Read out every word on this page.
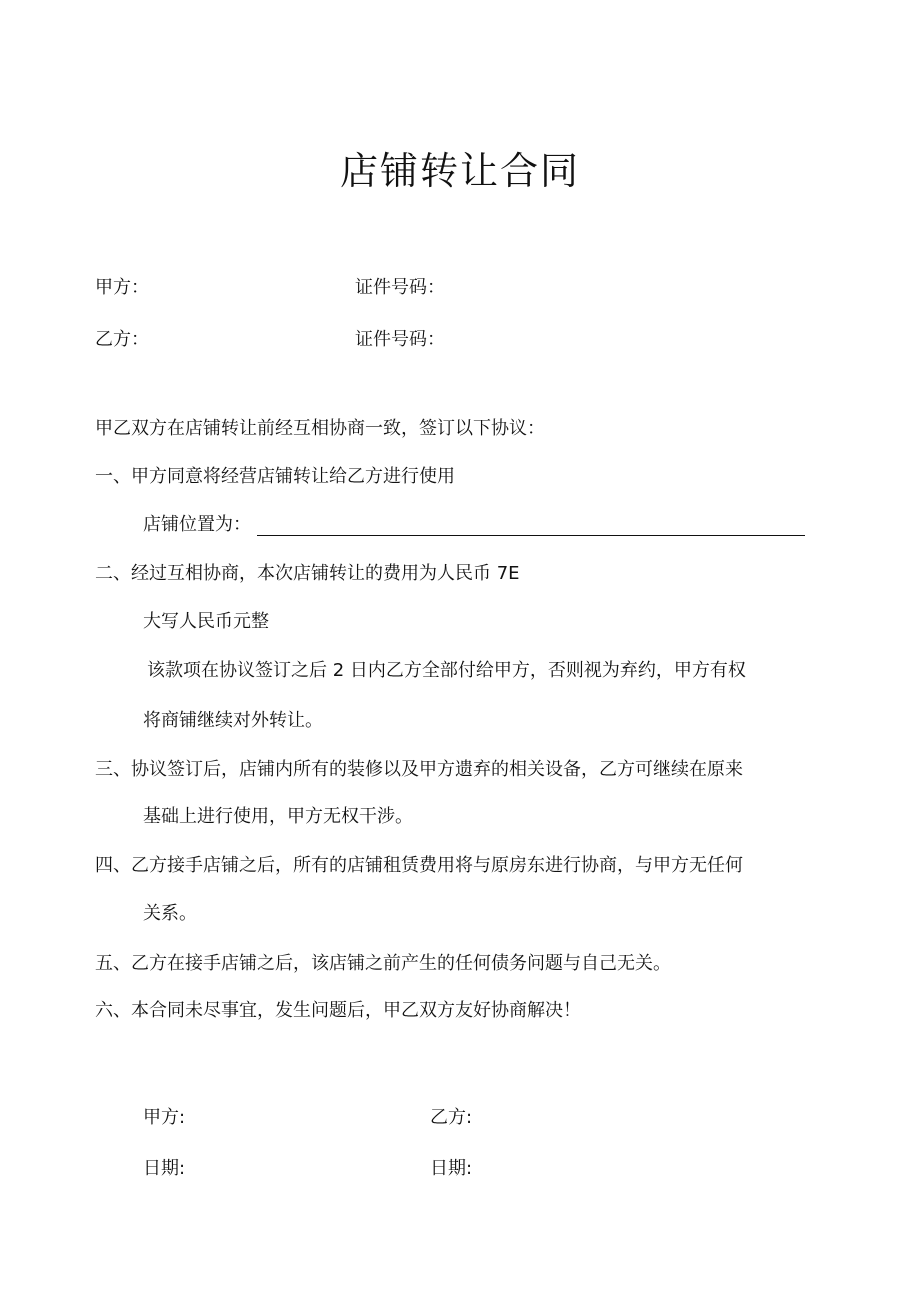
店铺转让合同
甲方：	证件号码：
乙方：	证件号码：
甲乙双方在店铺转让前经互相协商一致，签订以下协议：
一、甲方同意将经营店铺转让给乙方进行使用
店铺位置为：
二、经过互相协商，本次店铺转让的费用为人民币 7E
大写人民币元整
该款项在协议签订之后 2 日内乙方全部付给甲方，否则视为弃约，甲方有权
将商铺继续对外转让。
三、协议签订后，店铺内所有的装修以及甲方遗弃的相关设备，乙方可继续在原来
基础上进行使用，甲方无权干涉。
四、乙方接手店铺之后，所有的店铺租赁费用将与原房东进行协商，与甲方无任何
关系。
五、乙方在接手店铺之后，该店铺之前产生的任何债务问题与自己无关。
六、本合同未尽事宜，发生问题后，甲乙双方友好协商解决！
甲方:	乙方:
日期:	日期:
